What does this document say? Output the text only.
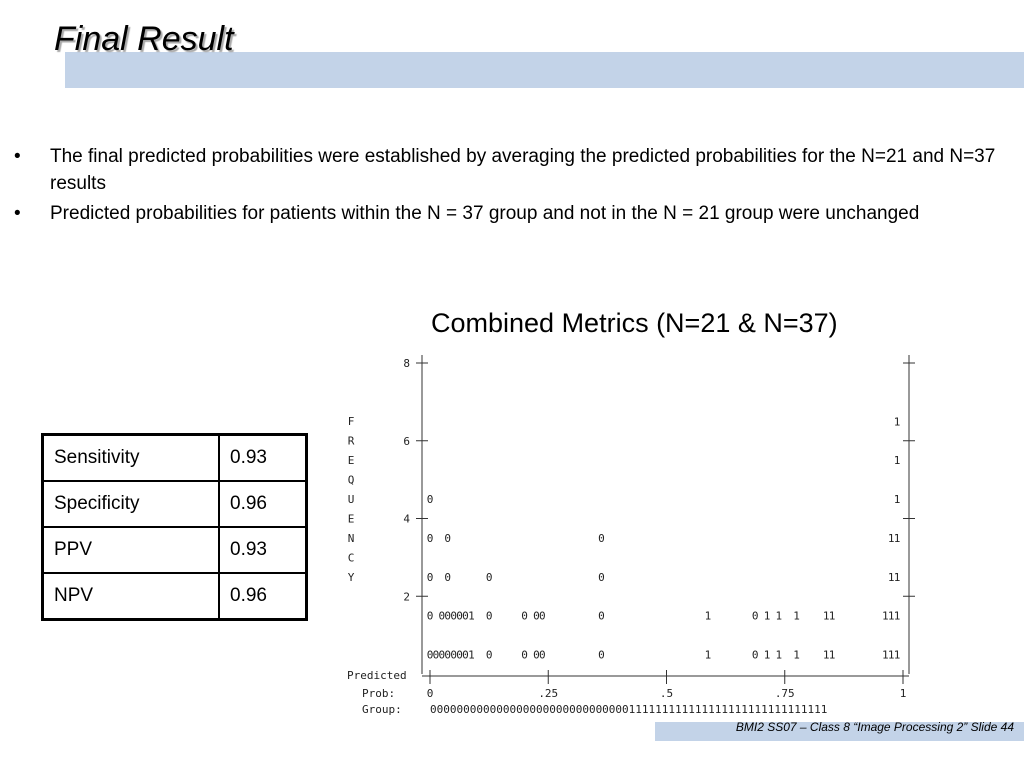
Final Result
• The final predicted probabilities were established by averaging the predicted probabilities for the N=21 and N=37 results
• Predicted probabilities for patients within the N = 37 group and not in the N = 21 group were unchanged
Combined Metrics (N=21 & N=37)
Sensitivity	0.93
Specificity	0.96
PPV	0.93
NPV	0.96
8
6
4
2
F
R
E
Q
U
E
N
C
Y
0	.25	.5	.75	1
Predicted
Prob:
Group:	000000000000000000000000000000111111111111111111111111111111
0
0
0
0
0
0 0
0
0
0
0
0
0
0
0
0
0
0
1
1
0
0
0
0
0
0
0
0
0
0
0
0
0
1
1
0
0
1
1
1
1
1
1
1
1
1
1
1
1
1
1
1
1
1
1
1
1
1
1
1
BMI2 SS07 – Class 8 “Image Processing 2” Slide 44
